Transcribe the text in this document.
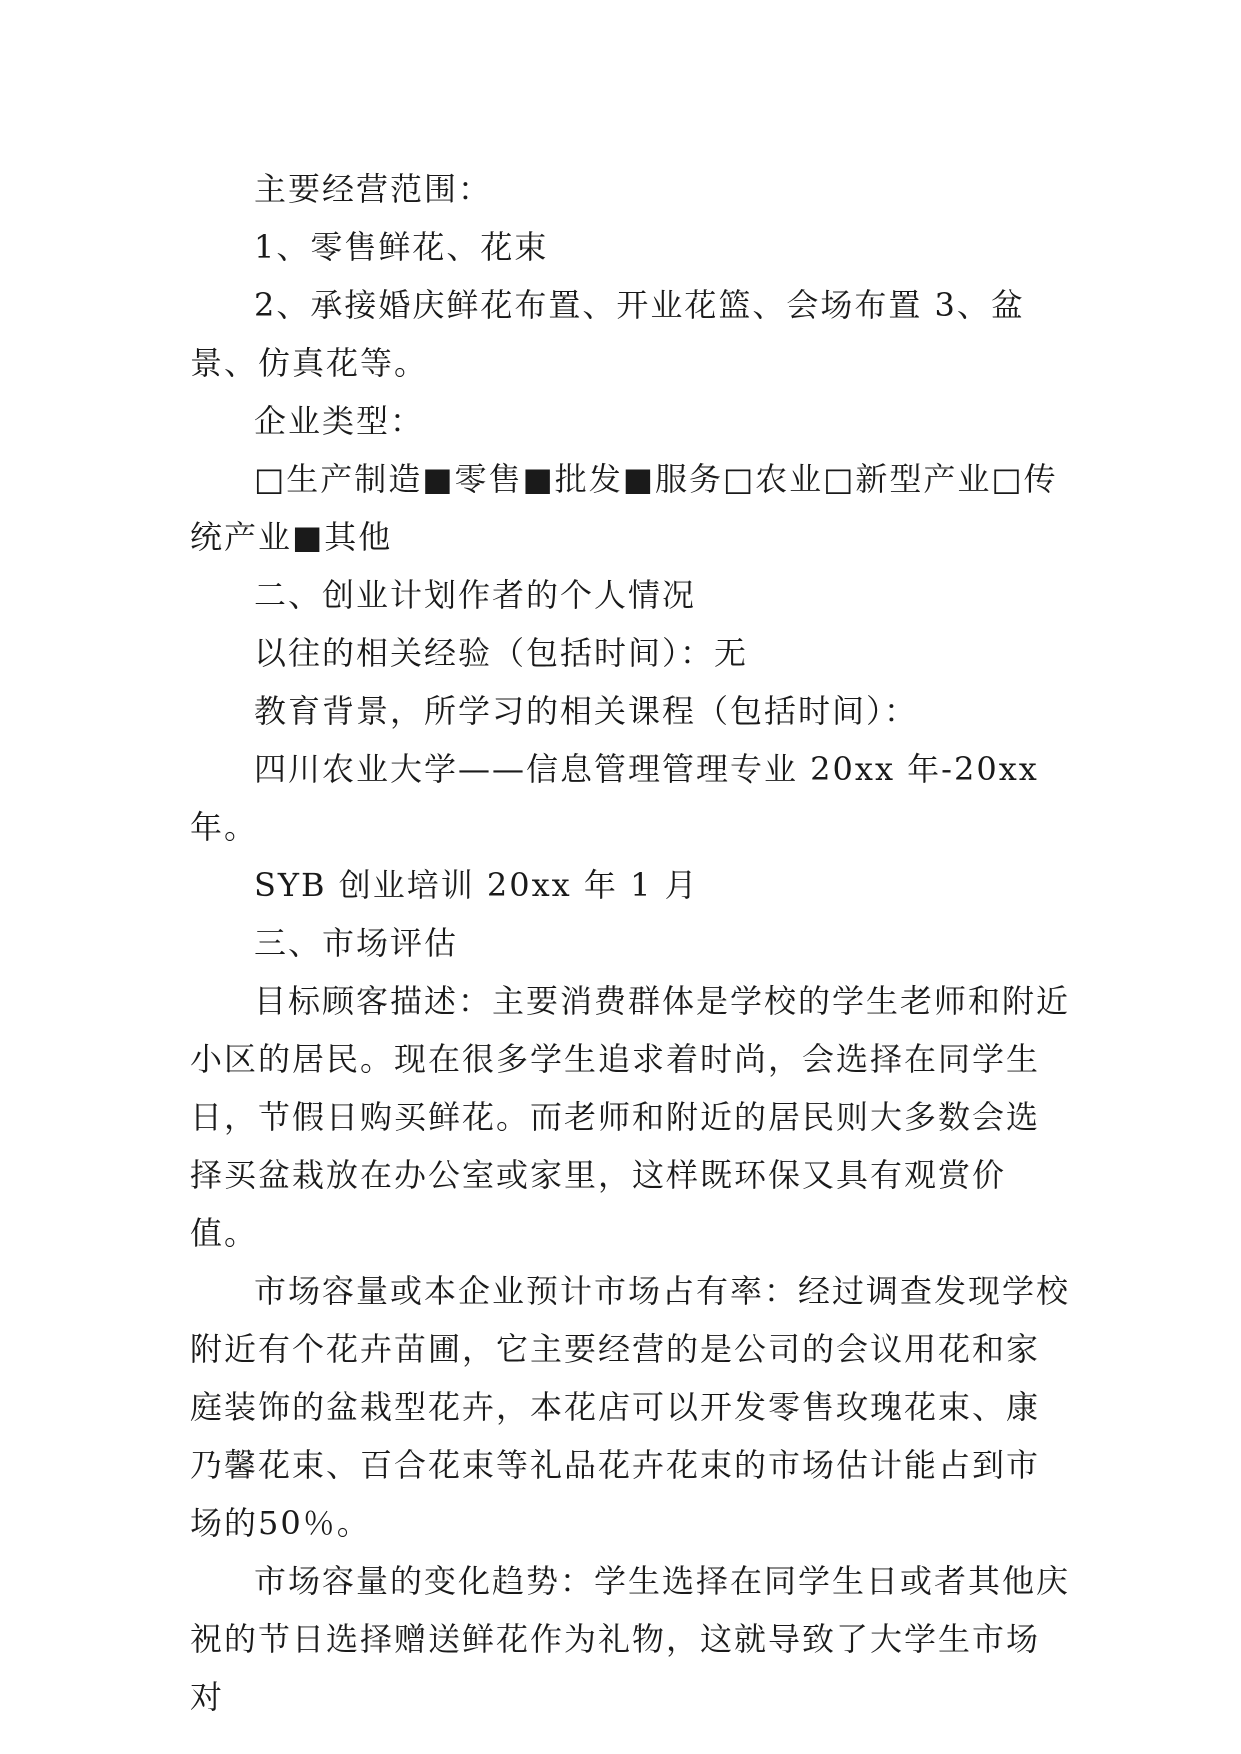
主要经营范围：

1、零售鲜花、花束

2、承接婚庆鲜花布置、开业花篮、会场布置 3、盆景、仿真花等。

企业类型：

□生产制造■零售■批发■服务□农业□新型产业□传统产业■其他

二、创业计划作者的个人情况

以往的相关经验（包括时间）：无

教育背景，所学习的相关课程（包括时间）：

四川农业大学——信息管理管理专业 20xx 年-20xx 年。

SYB 创业培训 20xx 年 1 月

三、市场评估

目标顾客描述：主要消费群体是学校的学生老师和附近小区的居民。现在很多学生追求着时尚，会选择在同学生日，节假日购买鲜花。而老师和附近的居民则大多数会选择买盆栽放在办公室或家里，这样既环保又具有观赏价值。

市场容量或本企业预计市场占有率：经过调查发现学校附近有个花卉苗圃，它主要经营的是公司的会议用花和家庭装饰的盆栽型花卉，本花店可以开发零售玫瑰花束、康乃馨花束、百合花束等礼品花卉花束的市场估计能占到市场的50％。

市场容量的变化趋势：学生选择在同学生日或者其他庆祝的节日选择赠送鲜花作为礼物，这就导致了大学生市场对
